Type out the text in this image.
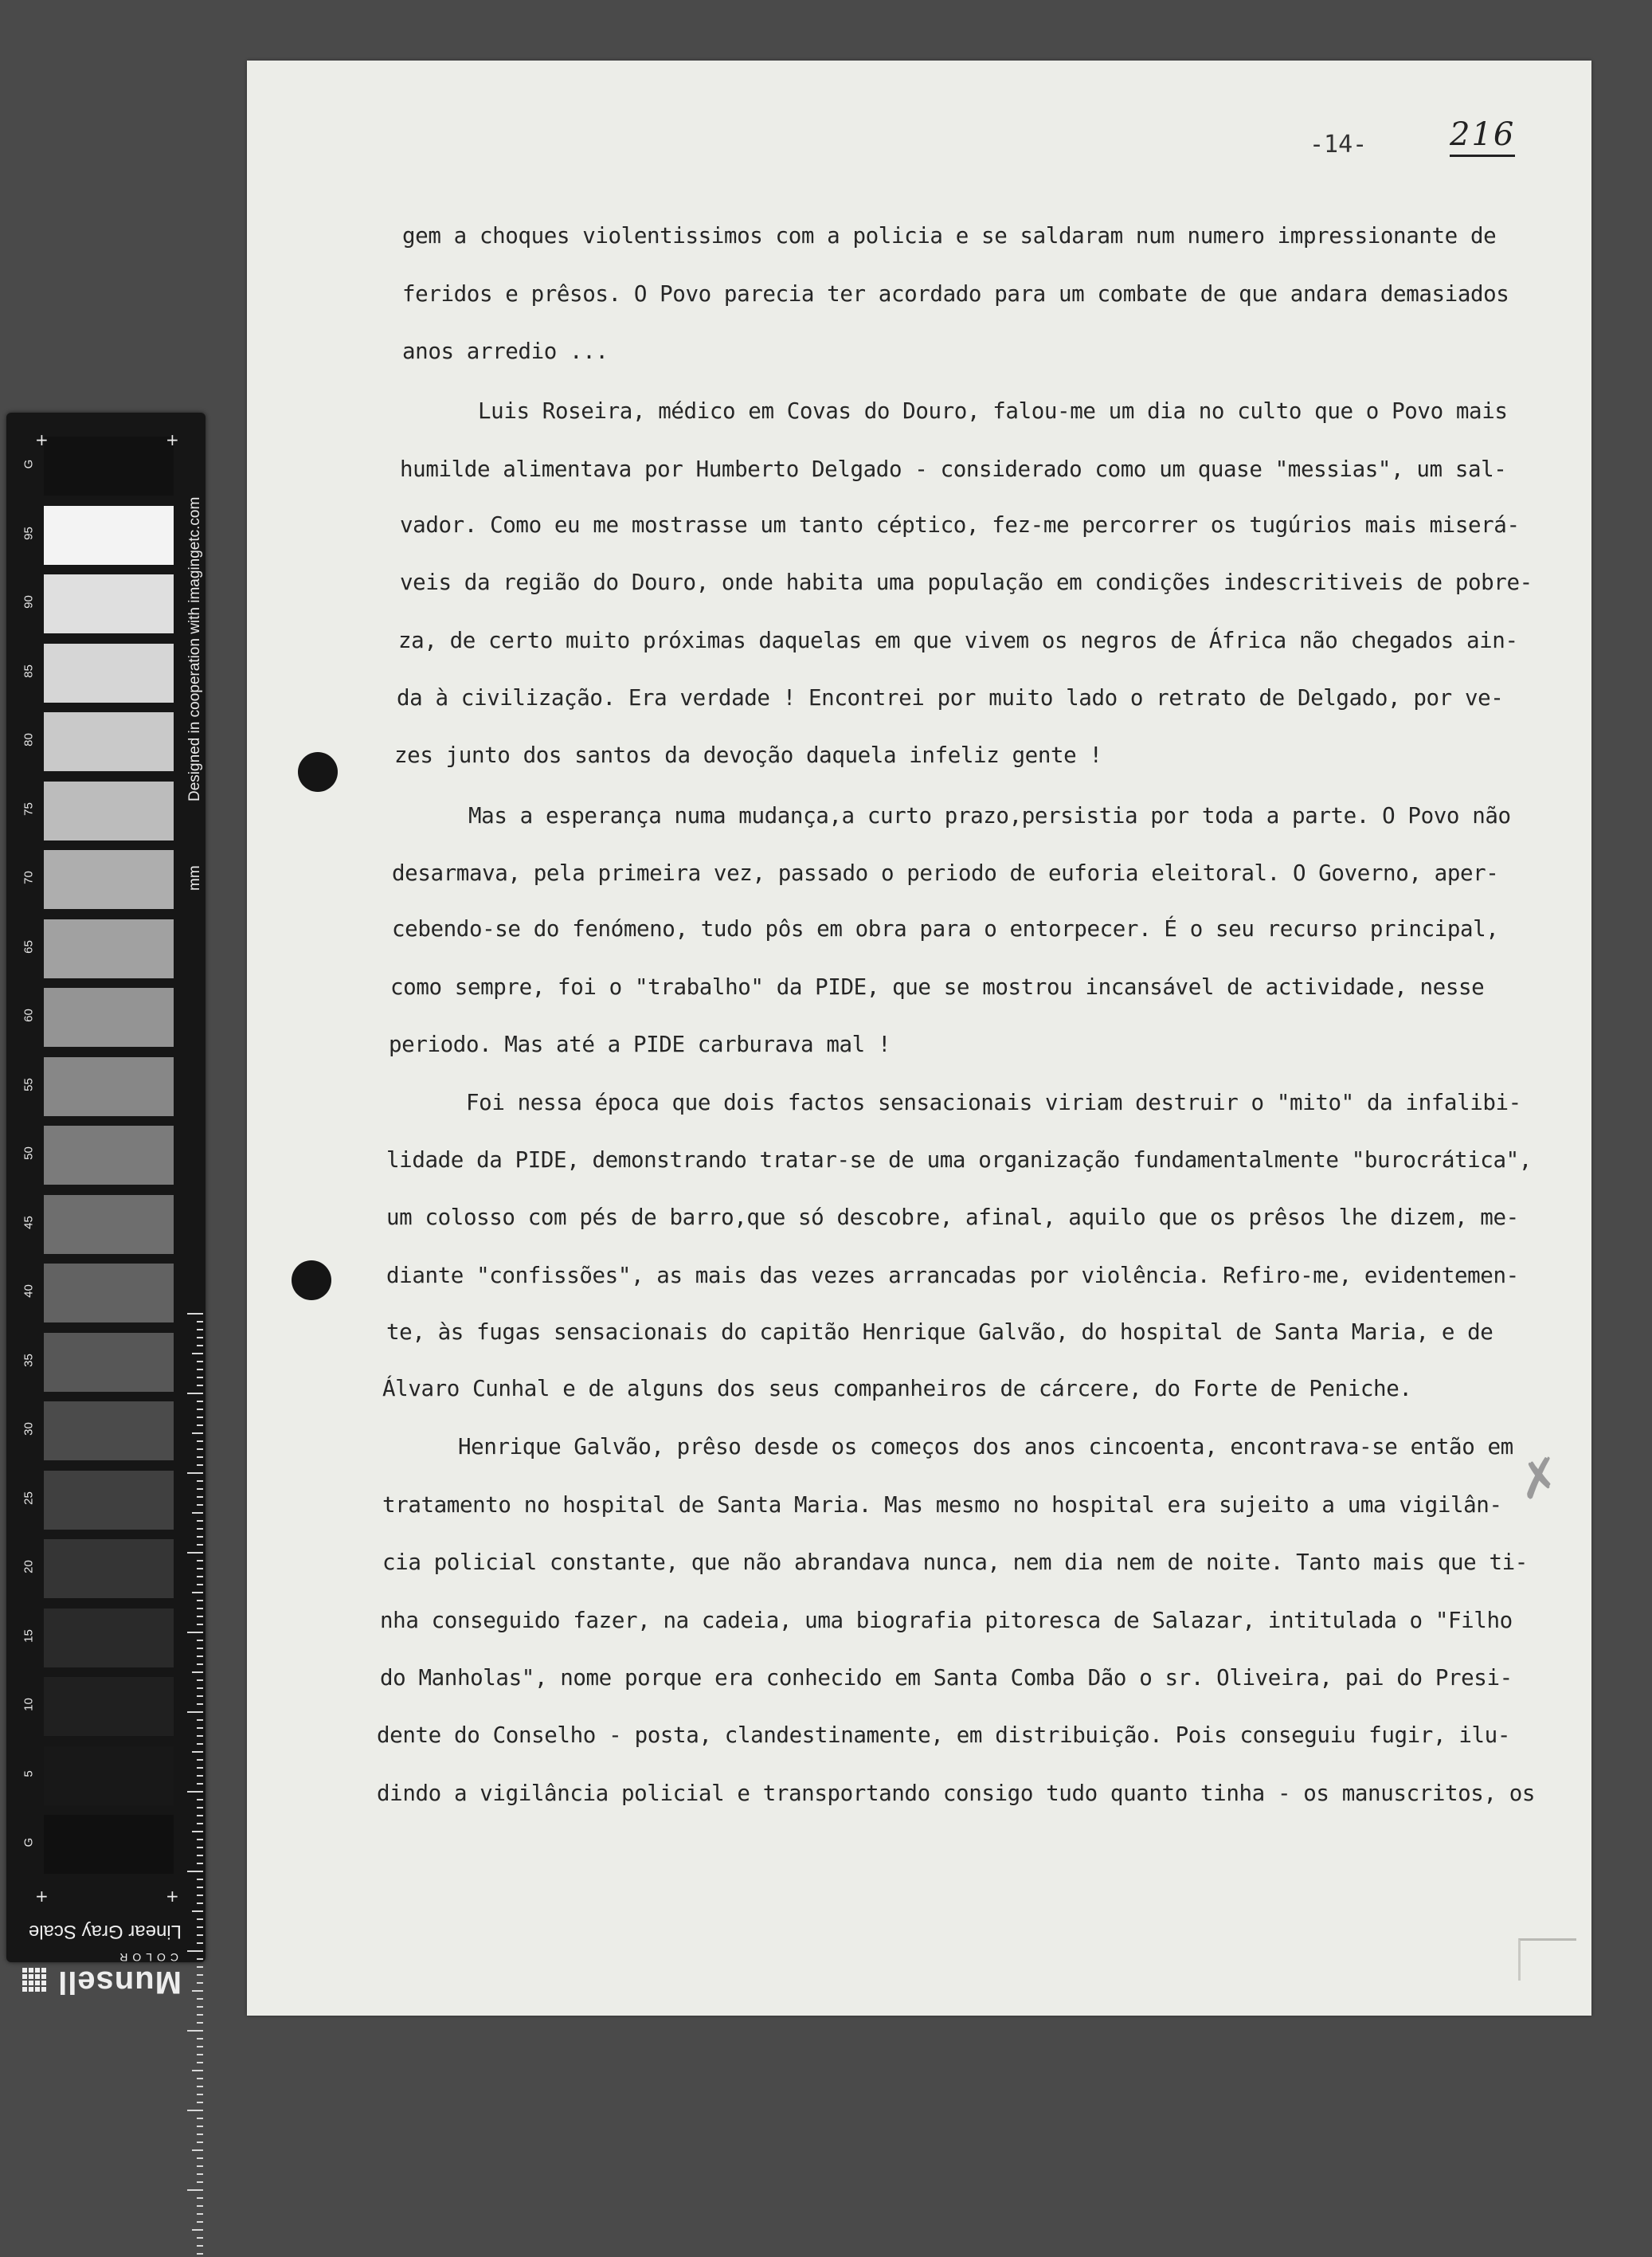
G
95
90
85
80
75
70
65
60
55
50
45
40
35
30
25
20
15
10
5
G
+	+
+	+
Designed in cooperation with imagingetc.com
mm
Munsell
COLOR
Linear Gray Scale
gem a choques violentissimos com a policia e se saldaram num numero impressionante de
feridos e prêsos. O Povo parecia ter acordado para um combate de que andara demasiados
anos arredio ...
Luis Roseira, médico em Covas do Douro, falou-me um dia no culto que o Povo mais
humilde alimentava por Humberto Delgado - considerado como um quase "messias", um sal-
vador. Como eu me mostrasse um tanto céptico, fez-me percorrer os tugúrios mais miserá-
veis da região do Douro, onde habita uma população em condições indescritiveis de pobre-
za, de certo muito próximas daquelas em que vivem os negros de África não chegados ain-
da à civilização. Era verdade ! Encontrei por muito lado o retrato de Delgado, por ve-
zes junto dos santos da devoção daquela infeliz gente !
Mas a esperança numa mudança,a curto prazo,persistia por toda a parte. O Povo não
desarmava, pela primeira vez, passado o periodo de euforia eleitoral. O Governo, aper-
cebendo-se do fenómeno, tudo pôs em obra para o entorpecer. É o seu recurso principal,
como sempre, foi o "trabalho" da PIDE, que se mostrou incansável de actividade, nesse
periodo. Mas até a PIDE carburava mal !
Foi nessa época que dois factos sensacionais viriam destruir o "mito" da infalibi-
lidade da PIDE, demonstrando tratar-se de uma organização fundamentalmente "burocrática",
um colosso com pés de barro,que só descobre, afinal, aquilo que os prêsos lhe dizem, me-
diante "confissões", as mais das vezes arrancadas por violência. Refiro-me, evidentemen-
te, às fugas sensacionais do capitão Henrique Galvão, do hospital de Santa Maria, e de
Álvaro Cunhal e de alguns dos seus companheiros de cárcere, do Forte de Peniche.
Henrique Galvão, prêso desde os começos dos anos cincoenta, encontrava-se então em
tratamento no hospital de Santa Maria. Mas mesmo no hospital era sujeito a uma vigilân-
cia policial constante, que não abrandava nunca, nem dia nem de noite. Tanto mais que ti-
nha conseguido fazer, na cadeia, uma biografia pitoresca de Salazar, intitulada o "Filho
do Manholas", nome porque era conhecido em Santa Comba Dão o sr. Oliveira, pai do Presi-
dente do Conselho - posta, clandestinamente, em distribuição. Pois conseguiu fugir, ilu-
dindo a vigilância policial e transportando consigo tudo quanto tinha - os manuscritos, os
-14-	216
✗
